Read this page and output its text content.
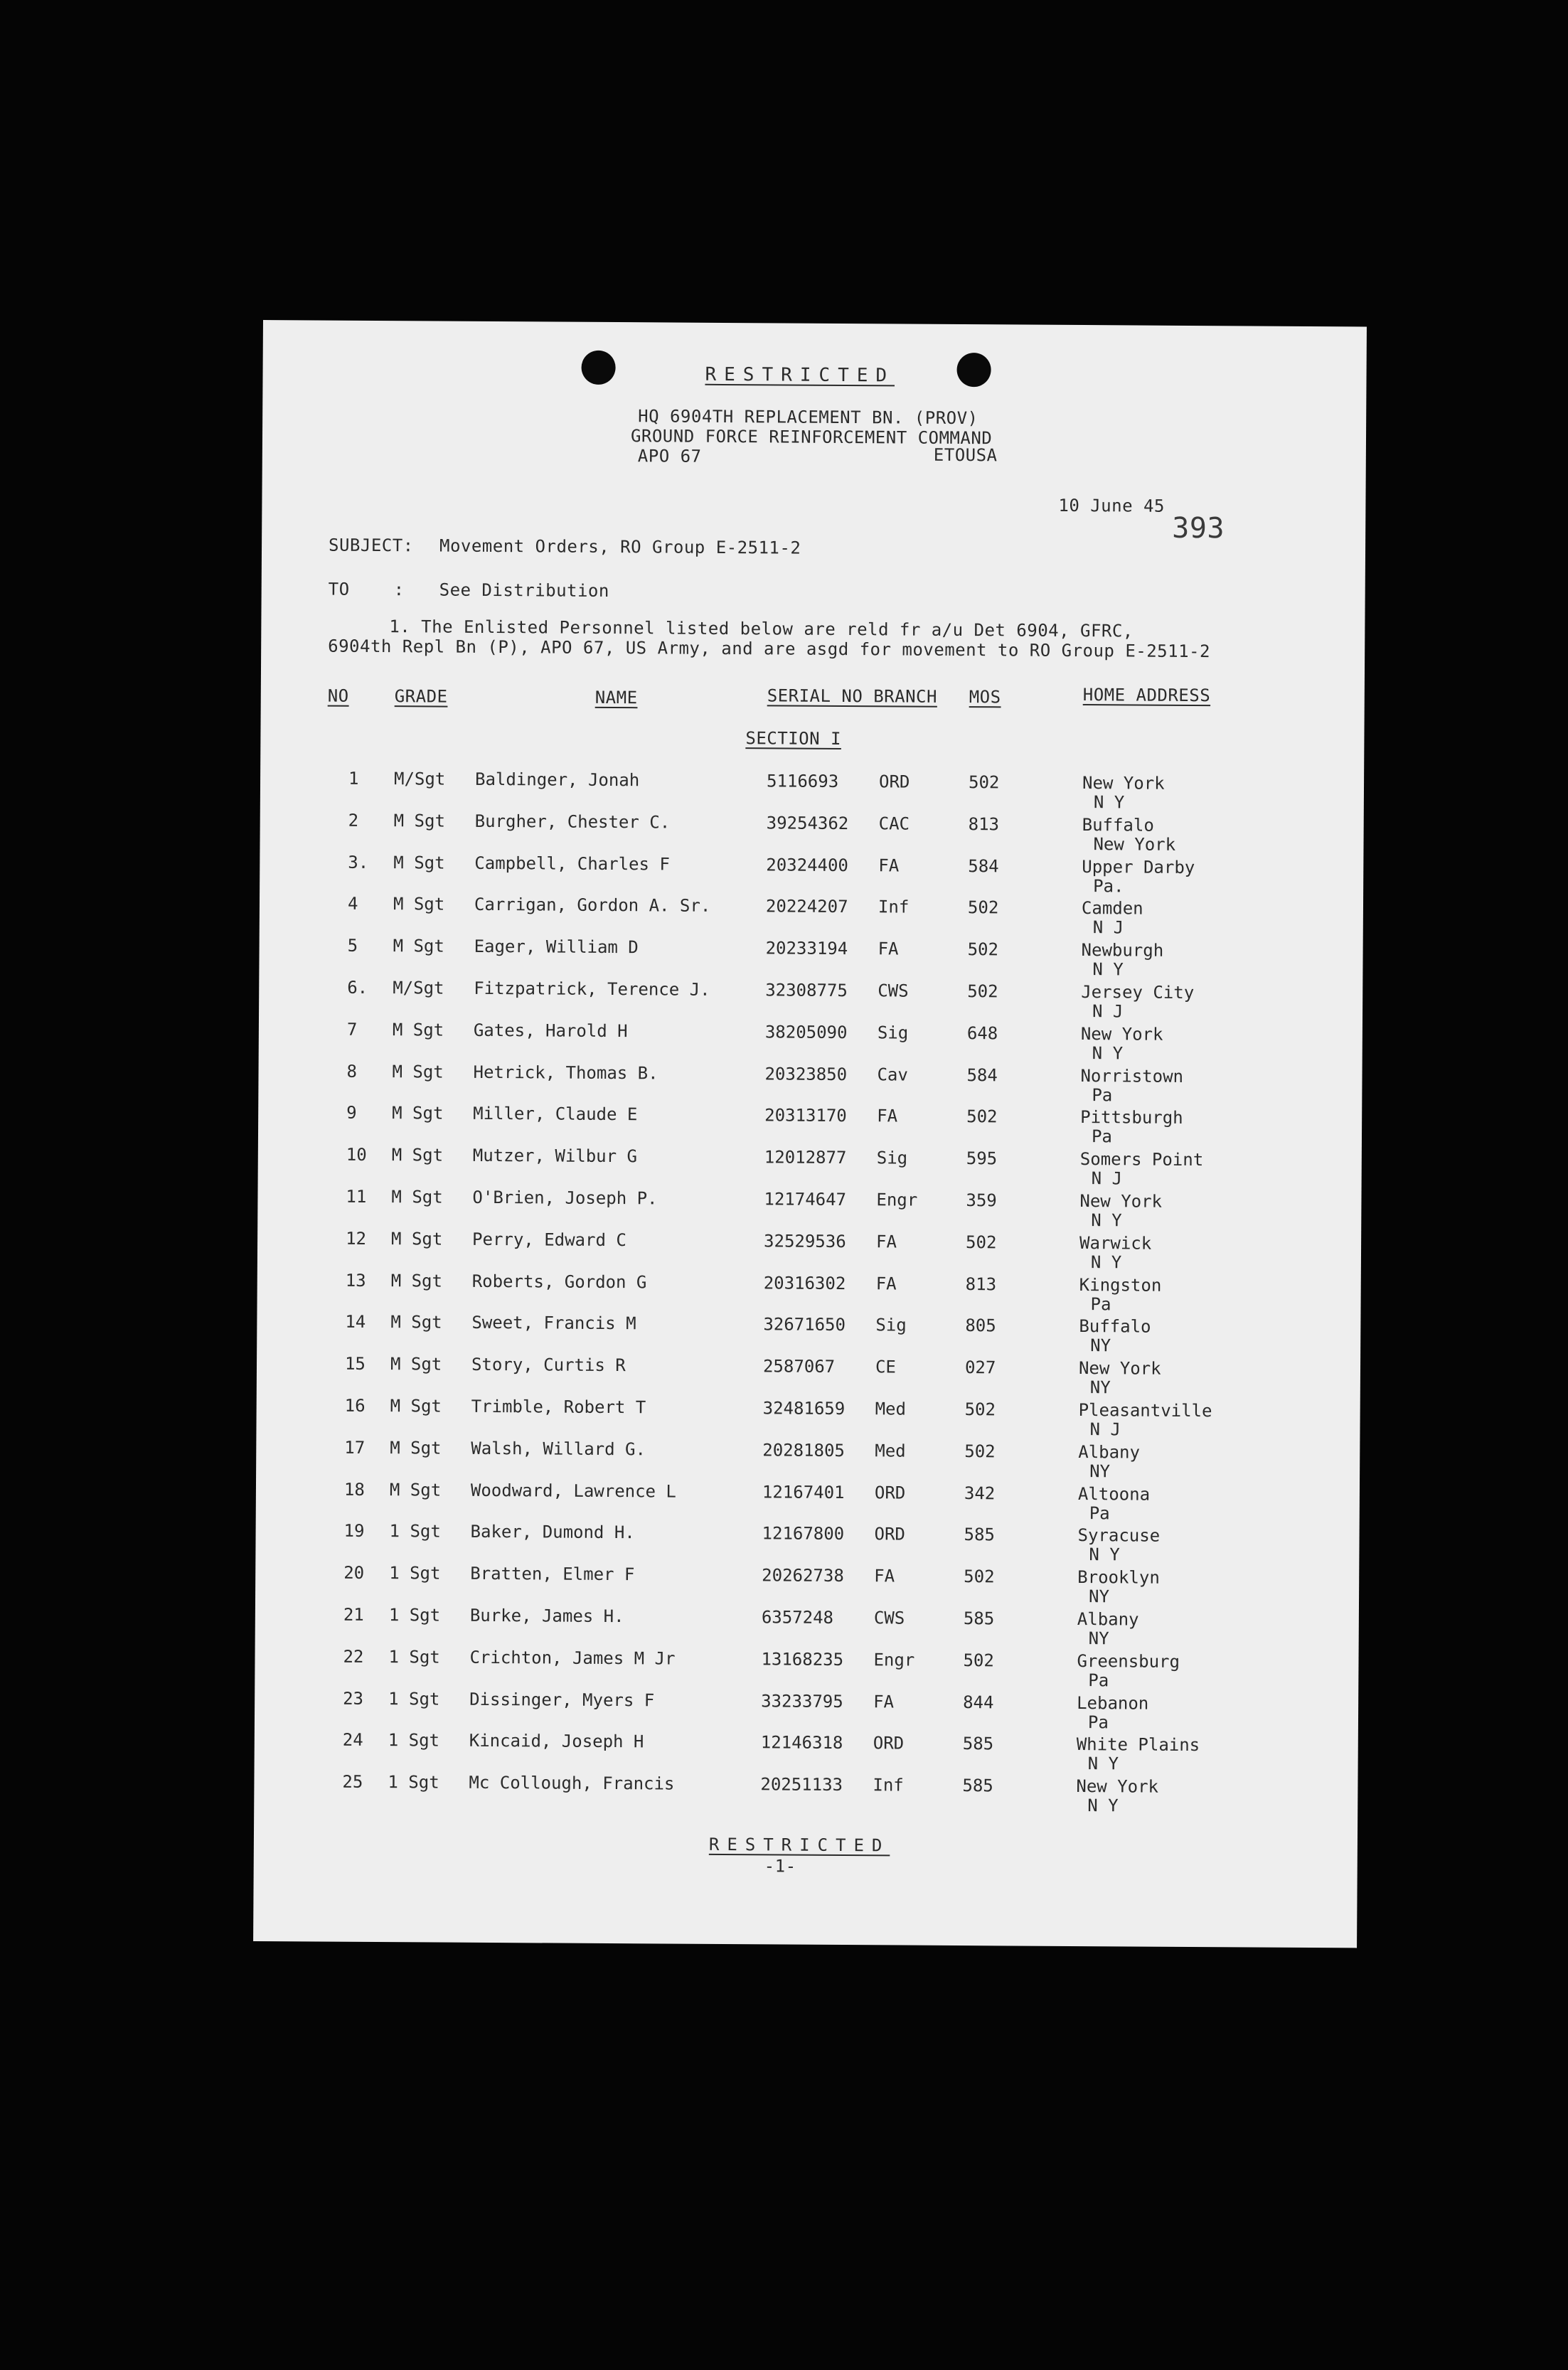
RESTRICTED
HQ 6904TH REPLACEMENT BN. (PROV)
GROUND FORCE REINFORCEMENT COMMAND
APO 67	ETOUSA
10 June 45
393
SUBJECT: Movement Orders, RO Group E-2511-2
TO	: See Distribution
1. The Enlisted Personnel listed below are reld fr a/u Det 6904, GFRC,
6904th Repl Bn (P), APO 67, US Army, and are asgd for movement to RO Group E-2511-2
NO	GRADE	NAME	SERIAL NO BRANCH MOS	HOME ADDRESS
SECTION I
1 M/Sgt Baldinger, Jonah	5116693 ORD	502	New York
N Y
2 M Sgt Burgher, Chester C.	39254362 CAC	813	Buffalo
New York
3. M Sgt Campbell, Charles F	20324400 FA	584	Upper Darby
Pa.
4 M Sgt Carrigan, Gordon A. Sr.	20224207 Inf	502	Camden
N J
5 M Sgt Eager, William D	20233194 FA	502	Newburgh
N Y
6. M/Sgt Fitzpatrick, Terence J.	32308775 CWS	502	Jersey City
N J
7 M Sgt Gates, Harold H	38205090 Sig	648	New York
N Y
8 M Sgt Hetrick, Thomas B.	20323850 Cav	584	Norristown
Pa
9 M Sgt Miller, Claude E	20313170 FA	502	Pittsburgh
Pa
10 M Sgt Mutzer, Wilbur G	12012877 Sig	595	Somers Point
N J
11 M Sgt O'Brien, Joseph P.	12174647 Engr	359	New York
N Y
12 M Sgt Perry, Edward C	32529536 FA	502	Warwick
N Y
13 M Sgt Roberts, Gordon G	20316302 FA	813	Kingston
Pa
14 M Sgt Sweet, Francis M	32671650 Sig	805	Buffalo
NY
15 M Sgt Story, Curtis R	2587067 CE	027	New York
NY
16 M Sgt Trimble, Robert T	32481659 Med	502	Pleasantville
N J
17 M Sgt Walsh, Willard G.	20281805 Med	502	Albany
NY
18 M Sgt Woodward, Lawrence L	12167401 ORD	342	Altoona
Pa
19 1 Sgt Baker, Dumond H.	12167800 ORD	585	Syracuse
N Y
20 1 Sgt Bratten, Elmer F	20262738 FA	502	Brooklyn
NY
21 1 Sgt Burke, James H.	6357248 CWS	585	Albany
NY
22 1 Sgt Crichton, James M Jr	13168235 Engr	502	Greensburg
Pa
23 1 Sgt Dissinger, Myers F	33233795 FA	844	Lebanon
Pa
24 1 Sgt Kincaid, Joseph H	12146318 ORD	585	White Plains
N Y
25 1 Sgt Mc Collough, Francis	20251133 Inf	585	New York
N Y
RESTRICTED
-1-
